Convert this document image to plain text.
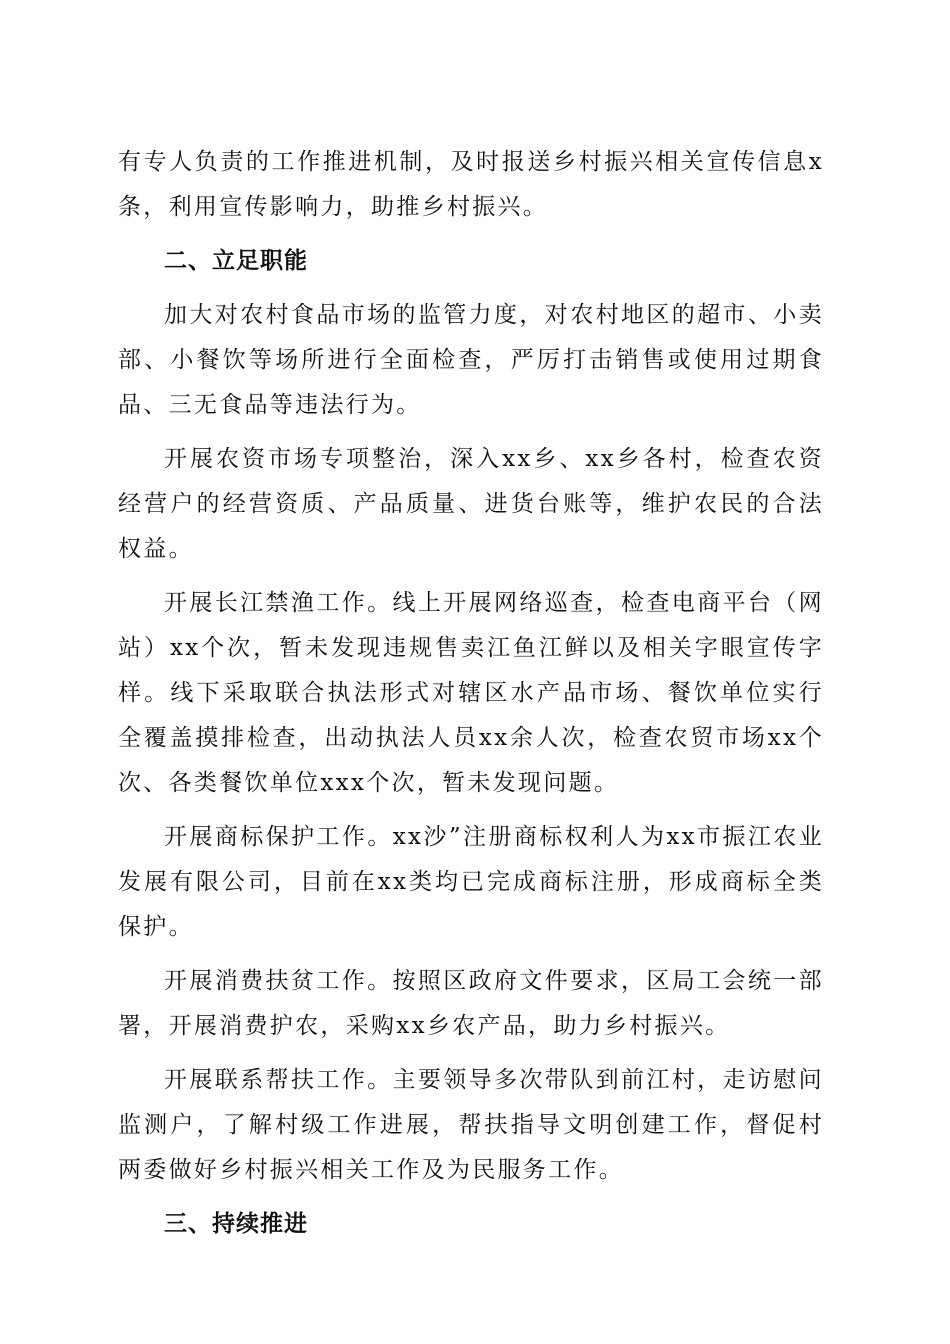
有专人负责的工作推进机制，及时报送乡村振兴相关宣传信息x条，利用宣传影响力，助推乡村振兴。

二、立足职能

加大对农村食品市场的监管力度，对农村地区的超市、小卖部、小餐饮等场所进行全面检查，严厉打击销售或使用过期食品、三无食品等违法行为。

开展农资市场专项整治，深入xx乡、xx乡各村，检查农资经营户的经营资质、产品质量、进货台账等，维护农民的合法权益。

开展长江禁渔工作。线上开展网络巡查，检查电商平台（网站）xx个次，暂未发现违规售卖江鱼江鲜以及相关字眼宣传字样。线下采取联合执法形式对辖区水产品市场、餐饮单位实行全覆盖摸排检查，出动执法人员xx余人次，检查农贸市场xx个次、各类餐饮单位xxx个次，暂未发现问题。

开展商标保护工作。xx沙”注册商标权利人为xx市振江农业发展有限公司，目前在xx类均已完成商标注册，形成商标全类保护。

开展消费扶贫工作。按照区政府文件要求，区局工会统一部署，开展消费护农，采购xx乡农产品，助力乡村振兴。

开展联系帮扶工作。主要领导多次带队到前江村，走访慰问监测户，了解村级工作进展，帮扶指导文明创建工作，督促村两委做好乡村振兴相关工作及为民服务工作。

三、持续推进
